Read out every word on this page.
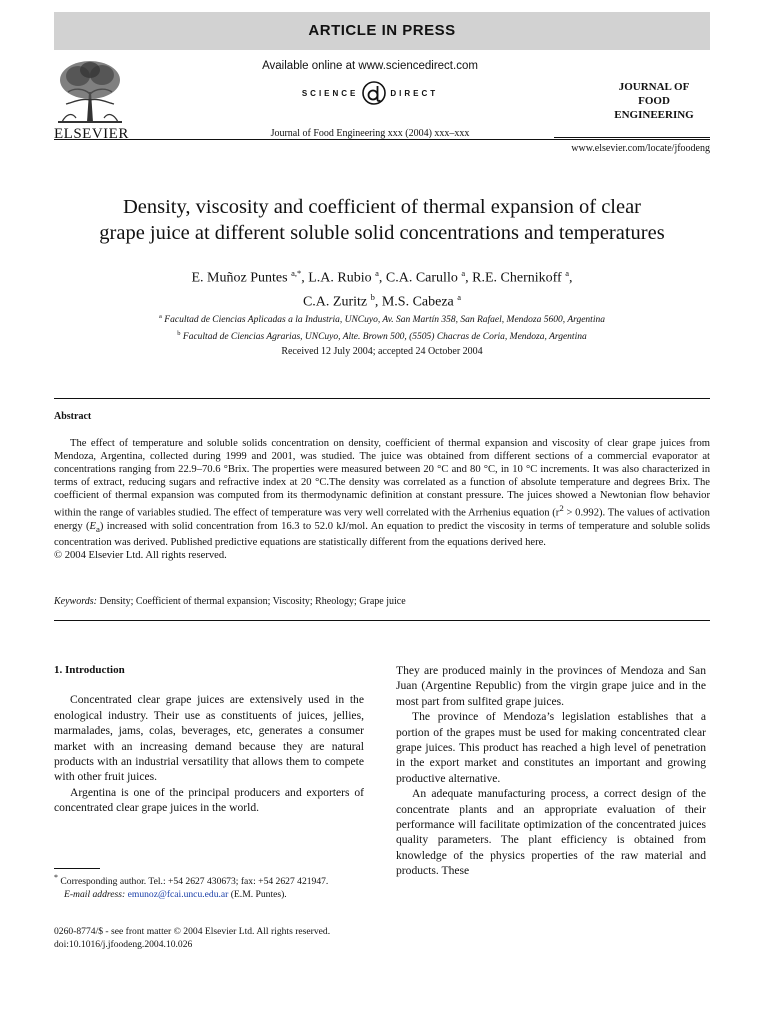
ARTICLE IN PRESS
ELSEVIER
Available online at www.sciencedirect.com
SCIENCE	DIRECT
Journal of Food Engineering xxx (2004) xxx–xxx
JOURNAL OF
FOOD
ENGINEERING
www.elsevier.com/locate/jfoodeng
Density, viscosity and coefficient of thermal expansion of clear
grape juice at different soluble solid concentrations and temperatures
E. Muñoz Puntes $^{a,*}$, L.A. Rubio $^a$, C.A. Carullo $^a$, R.E. Chernikoff $^a$,
C.A. Zuritz $^b$, M.S. Cabeza $^a$
$^a$ Facultad de Ciencias Aplicadas a la Industria, UNCuyo, Av. San Martín 358, San Rafael, Mendoza 5600, Argentina
$^b$ Facultad de Ciencias Agrarias, UNCuyo, Alte. Brown 500, (5505) Chacras de Coria, Mendoza, Argentina
Received 12 July 2004; accepted 24 October 2004
Abstract

The effect of temperature and soluble solids concentration on density, coefficient of thermal expansion and viscosity of clear grape juices from Mendoza, Argentina, collected during 1999 and 2001, was studied. The juice was obtained from different sections of a commercial evaporator at concentrations ranging from 22.9–70.6 °Brix. The properties were measured between 20 °C and 80 °C, in 10 °C increments. It was also characterized in terms of extract, reducing sugars and refractive index at 20 °C.The density was correlated as a function of absolute temperature and degrees Brix. The coefficient of thermal expansion was computed from its thermodynamic definition at constant pressure. The juices showed a Newtonian flow behavior within the range of variables studied. The effect of temperature was very well correlated with the Arrhenius equation $(r^2 > 0.992)$. The values of activation energy $(E_a)$ increased with solid concentration from 16.3 to 52.0 kJ/mol. An equation to predict the viscosity in terms of temperature and soluble solids concentration was derived. Published predictive equations are statistically different from the equations derived here.

© 2004 Elsevier Ltd. All rights reserved.

Keywords: Density; Coefficient of thermal expansion; Viscosity; Rheology; Grape juice
1. Introduction

Concentrated clear grape juices are extensively used in the enological industry. Their use as constituents of juices, jellies, marmalades, jams, colas, beverages, etc, generates a consumer market with an increasing demand because they are natural products with an industrial versatility that allows them to compete with other fruit juices.

Argentina is one of the principal producers and exporters of concentrated clear grape juices in the world.

They are produced mainly in the provinces of Mendoza and San Juan (Argentine Republic) from the virgin grape juice and in the most part from sulfited grape juices.

The province of Mendoza’s legislation establishes that a portion of the grapes must be used for making concentrated clear grape juices. This product has reached a high level of penetration in the export market and constitutes an important and growing productive alternative.

An adequate manufacturing process, a correct design of the concentrate plants and an appropriate evaluation of their performance will facilitate optimization of the concentrated juices quality parameters. The plant efficiency is obtained from knowledge of the physics properties of the raw material and products. These

* Corresponding author. Tel.: +54 2627 430673; fax: +54 2627 421947.

E-mail address: emunoz@fcai.uncu.edu.ar (E.M. Puntes).

0260-8774/$ - see front matter © 2004 Elsevier Ltd. All rights reserved.

doi:10.1016/j.jfoodeng.2004.10.026
